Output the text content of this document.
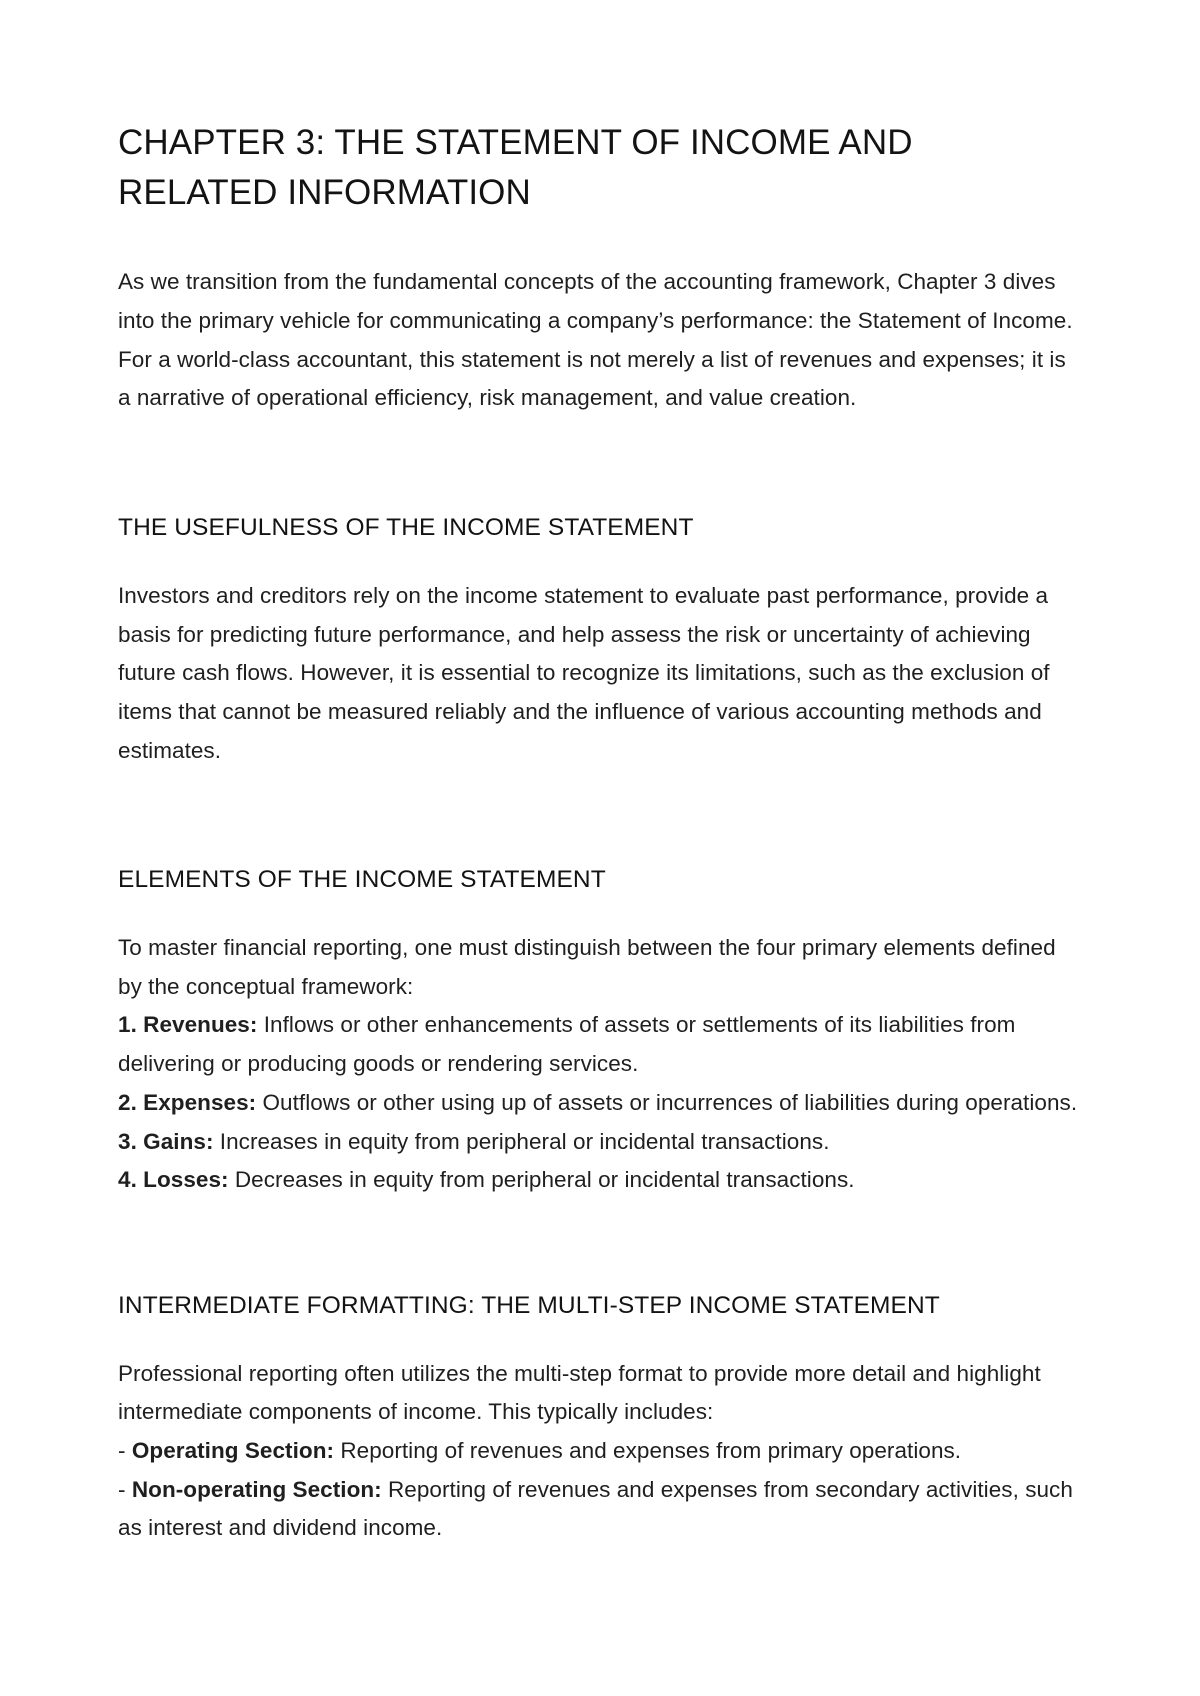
CHAPTER 3: THE STATEMENT OF INCOME AND RELATED INFORMATION

As we transition from the fundamental concepts of the accounting framework, Chapter 3 dives into the primary vehicle for communicating a company’s performance: the Statement of Income. For a world-class accountant, this statement is not merely a list of revenues and expenses; it is a narrative of operational efficiency, risk management, and value creation.

THE USEFULNESS OF THE INCOME STATEMENT

Investors and creditors rely on the income statement to evaluate past performance, provide a basis for predicting future performance, and help assess the risk or uncertainty of achieving future cash flows. However, it is essential to recognize its limitations, such as the exclusion of items that cannot be measured reliably and the influence of various accounting methods and estimates.

ELEMENTS OF THE INCOME STATEMENT

To master financial reporting, one must distinguish between the four primary elements defined by the conceptual framework:

1. Revenues: Inflows or other enhancements of assets or settlements of its liabilities from delivering or producing goods or rendering services.

2. Expenses: Outflows or other using up of assets or incurrences of liabilities during operations.

3. Gains: Increases in equity from peripheral or incidental transactions.

4. Losses: Decreases in equity from peripheral or incidental transactions.

INTERMEDIATE FORMATTING: THE MULTI-STEP INCOME STATEMENT

Professional reporting often utilizes the multi-step format to provide more detail and highlight intermediate components of income. This typically includes:

- Operating Section: Reporting of revenues and expenses from primary operations.

- Non-operating Section: Reporting of revenues and expenses from secondary activities, such as interest and dividend income.
